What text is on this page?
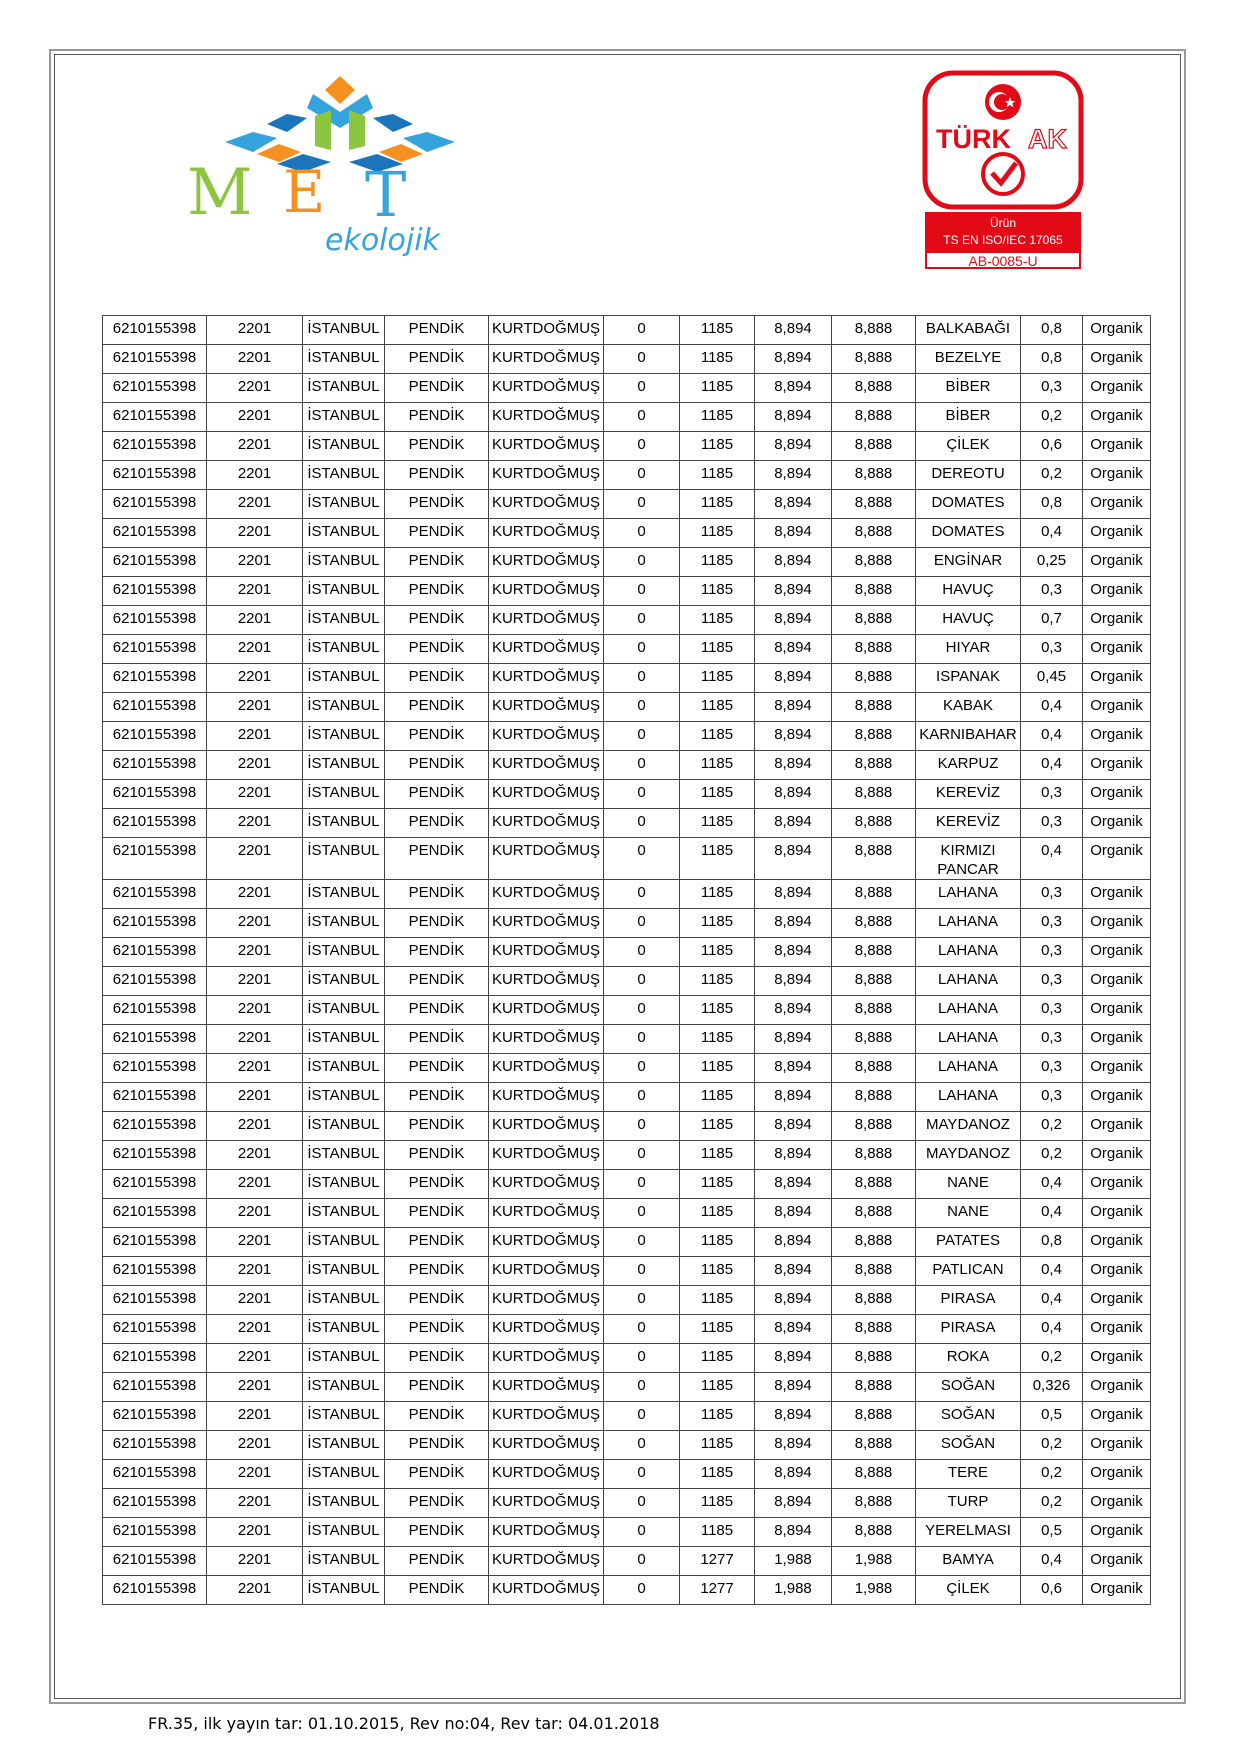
M E T
ekolojik
TÜRK AK
Ürün
TS EN ISO/IEC 17065
AB-0085-U
6210155398	2201	İSTANBUL	PENDİK	KURTDOĞMUŞ	0	1185	8,894	8,888	BALKABAĞI	0,8	Organik
6210155398	2201	İSTANBUL	PENDİK	KURTDOĞMUŞ	0	1185	8,894	8,888	BEZELYE	0,8	Organik
6210155398	2201	İSTANBUL	PENDİK	KURTDOĞMUŞ	0	1185	8,894	8,888	BİBER	0,3	Organik
6210155398	2201	İSTANBUL	PENDİK	KURTDOĞMUŞ	0	1185	8,894	8,888	BİBER	0,2	Organik
6210155398	2201	İSTANBUL	PENDİK	KURTDOĞMUŞ	0	1185	8,894	8,888	ÇİLEK	0,6	Organik
6210155398	2201	İSTANBUL	PENDİK	KURTDOĞMUŞ	0	1185	8,894	8,888	DEREOTU	0,2	Organik
6210155398	2201	İSTANBUL	PENDİK	KURTDOĞMUŞ	0	1185	8,894	8,888	DOMATES	0,8	Organik
6210155398	2201	İSTANBUL	PENDİK	KURTDOĞMUŞ	0	1185	8,894	8,888	DOMATES	0,4	Organik
6210155398	2201	İSTANBUL	PENDİK	KURTDOĞMUŞ	0	1185	8,894	8,888	ENGİNAR	0,25	Organik
6210155398	2201	İSTANBUL	PENDİK	KURTDOĞMUŞ	0	1185	8,894	8,888	HAVUÇ	0,3	Organik
6210155398	2201	İSTANBUL	PENDİK	KURTDOĞMUŞ	0	1185	8,894	8,888	HAVUÇ	0,7	Organik
6210155398	2201	İSTANBUL	PENDİK	KURTDOĞMUŞ	0	1185	8,894	8,888	HIYAR	0,3	Organik
6210155398	2201	İSTANBUL	PENDİK	KURTDOĞMUŞ	0	1185	8,894	8,888	ISPANAK	0,45	Organik
6210155398	2201	İSTANBUL	PENDİK	KURTDOĞMUŞ	0	1185	8,894	8,888	KABAK	0,4	Organik
6210155398	2201	İSTANBUL	PENDİK	KURTDOĞMUŞ	0	1185	8,894	8,888	KARNIBAHAR	0,4	Organik
6210155398	2201	İSTANBUL	PENDİK	KURTDOĞMUŞ	0	1185	8,894	8,888	KARPUZ	0,4	Organik
6210155398	2201	İSTANBUL	PENDİK	KURTDOĞMUŞ	0	1185	8,894	8,888	KEREVİZ	0,3	Organik
6210155398	2201	İSTANBUL	PENDİK	KURTDOĞMUŞ	0	1185	8,894	8,888	KEREVİZ	0,3	Organik
6210155398	2201	İSTANBUL	PENDİK	KURTDOĞMUŞ	0	1185	8,894	8,888	KIRMIZI PANCAR	0,4	Organik
6210155398	2201	İSTANBUL	PENDİK	KURTDOĞMUŞ	0	1185	8,894	8,888	LAHANA	0,3	Organik
6210155398	2201	İSTANBUL	PENDİK	KURTDOĞMUŞ	0	1185	8,894	8,888	LAHANA	0,3	Organik
6210155398	2201	İSTANBUL	PENDİK	KURTDOĞMUŞ	0	1185	8,894	8,888	LAHANA	0,3	Organik
6210155398	2201	İSTANBUL	PENDİK	KURTDOĞMUŞ	0	1185	8,894	8,888	LAHANA	0,3	Organik
6210155398	2201	İSTANBUL	PENDİK	KURTDOĞMUŞ	0	1185	8,894	8,888	LAHANA	0,3	Organik
6210155398	2201	İSTANBUL	PENDİK	KURTDOĞMUŞ	0	1185	8,894	8,888	LAHANA	0,3	Organik
6210155398	2201	İSTANBUL	PENDİK	KURTDOĞMUŞ	0	1185	8,894	8,888	LAHANA	0,3	Organik
6210155398	2201	İSTANBUL	PENDİK	KURTDOĞMUŞ	0	1185	8,894	8,888	LAHANA	0,3	Organik
6210155398	2201	İSTANBUL	PENDİK	KURTDOĞMUŞ	0	1185	8,894	8,888	MAYDANOZ	0,2	Organik
6210155398	2201	İSTANBUL	PENDİK	KURTDOĞMUŞ	0	1185	8,894	8,888	MAYDANOZ	0,2	Organik
6210155398	2201	İSTANBUL	PENDİK	KURTDOĞMUŞ	0	1185	8,894	8,888	NANE	0,4	Organik
6210155398	2201	İSTANBUL	PENDİK	KURTDOĞMUŞ	0	1185	8,894	8,888	NANE	0,4	Organik
6210155398	2201	İSTANBUL	PENDİK	KURTDOĞMUŞ	0	1185	8,894	8,888	PATATES	0,8	Organik
6210155398	2201	İSTANBUL	PENDİK	KURTDOĞMUŞ	0	1185	8,894	8,888	PATLICAN	0,4	Organik
6210155398	2201	İSTANBUL	PENDİK	KURTDOĞMUŞ	0	1185	8,894	8,888	PIRASA	0,4	Organik
6210155398	2201	İSTANBUL	PENDİK	KURTDOĞMUŞ	0	1185	8,894	8,888	PIRASA	0,4	Organik
6210155398	2201	İSTANBUL	PENDİK	KURTDOĞMUŞ	0	1185	8,894	8,888	ROKA	0,2	Organik
6210155398	2201	İSTANBUL	PENDİK	KURTDOĞMUŞ	0	1185	8,894	8,888	SOĞAN	0,326	Organik
6210155398	2201	İSTANBUL	PENDİK	KURTDOĞMUŞ	0	1185	8,894	8,888	SOĞAN	0,5	Organik
6210155398	2201	İSTANBUL	PENDİK	KURTDOĞMUŞ	0	1185	8,894	8,888	SOĞAN	0,2	Organik
6210155398	2201	İSTANBUL	PENDİK	KURTDOĞMUŞ	0	1185	8,894	8,888	TERE	0,2	Organik
6210155398	2201	İSTANBUL	PENDİK	KURTDOĞMUŞ	0	1185	8,894	8,888	TURP	0,2	Organik
6210155398	2201	İSTANBUL	PENDİK	KURTDOĞMUŞ	0	1185	8,894	8,888	YERELMASI	0,5	Organik
6210155398	2201	İSTANBUL	PENDİK	KURTDOĞMUŞ	0	1277	1,988	1,988	BAMYA	0,4	Organik
6210155398	2201	İSTANBUL	PENDİK	KURTDOĞMUŞ	0	1277	1,988	1,988	ÇİLEK	0,6	Organik
FR.35, ilk yayın tar: 01.10.2015, Rev no:04, Rev tar: 04.01.2018
